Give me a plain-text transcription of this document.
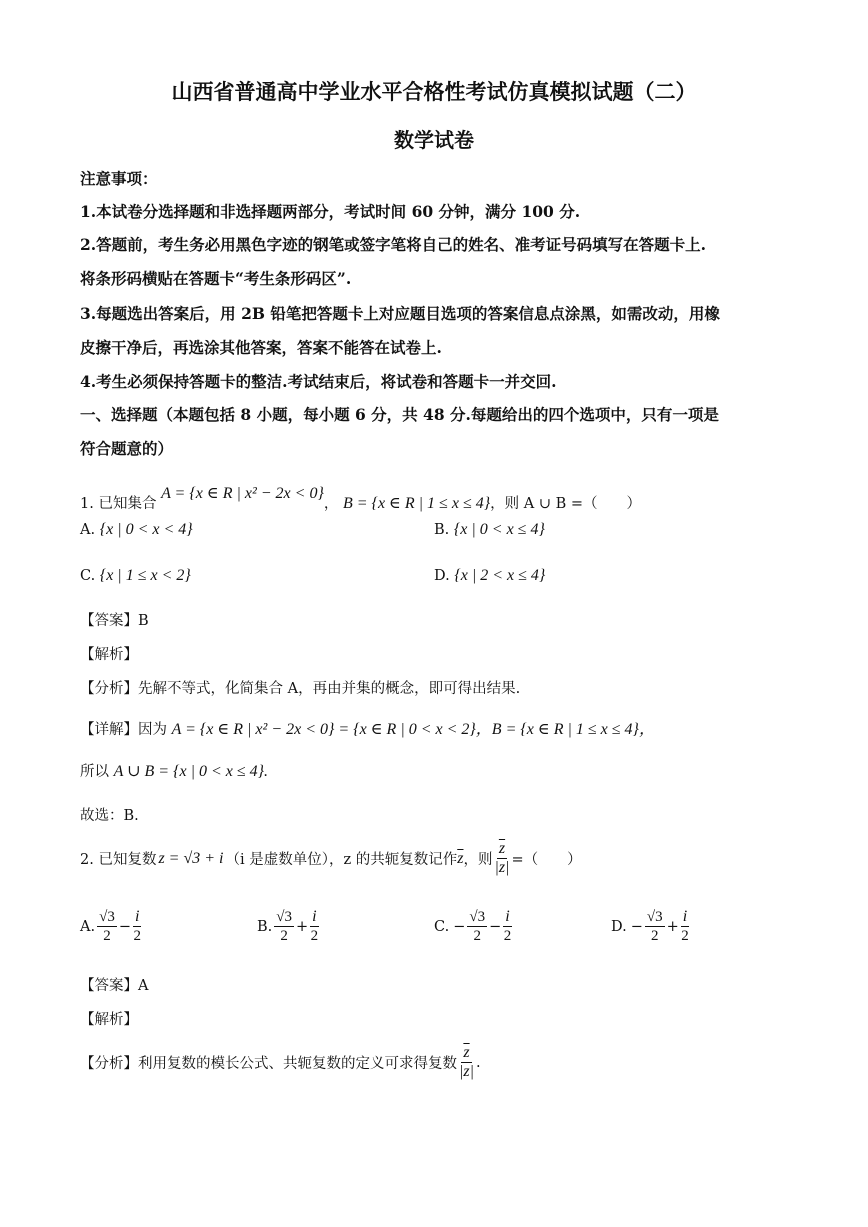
山西省普通高中学业水平合格性考试仿真模拟试题（二）
数学试卷
注意事项：
1.本试卷分选择题和非选择题两部分，考试时间 60 分钟，满分 100 分.
2.答题前，考生务必用黑色字迹的钢笔或签字笔将自己的姓名、准考证号码填写在答题卡上.
将条形码横贴在答题卡“考生条形码区”.
3.每题选出答案后，用 2B 铅笔把答题卡上对应题目选项的答案信息点涂黑，如需改动，用橡
皮擦干净后，再选涂其他答案，答案不能答在试卷上.
4.考生必须保持答题卡的整洁.考试结束后，将试卷和答题卡一并交回.
一、选择题（本题包括 8 小题，每小题 6 分，共 48 分.每题给出的四个选项中，只有一项是
符合题意的）
1. 已知集合 A = {x ∈ R | x² − 2x < 0}， B = {x ∈ R | 1 ≤ x ≤ 4}，则 A ∪ B =（　　）
A. {x | 0 < x < 4}	B. {x | 0 < x ≤ 4}
C. {x | 1 ≤ x < 2}	D. {x | 2 < x ≤ 4}
【答案】B
【解析】
【分析】先解不等式，化简集合 A，再由并集的概念，即可得出结果.
【详解】因为 A = {x ∈ R | x² − 2x < 0} = {x ∈ R | 0 < x < 2}，B = {x ∈ R | 1 ≤ x ≤ 4}，
所以 A ∪ B = {x | 0 < x ≤ 4}.
故选：B.
2. 已知复数 z = √3 + i （i 是虚数单位），z 的共轭复数记作 $\overline{z}$ ，则 $\frac{\overline{z}}{|z|}$ =（　　）
A. $\frac{√3}{2} - \frac{i}{2}$	B. $\frac{√3}{2} + \frac{i}{2}$	C. − $\frac{√3}{2} - \frac{i}{2}$	D. − $\frac{√3}{2} + \frac{i}{2}$
【答案】A
【解析】
【分析】利用复数的模长公式、共轭复数的定义可求得复数 $\frac{\overline{z}}{|z|}$ .
